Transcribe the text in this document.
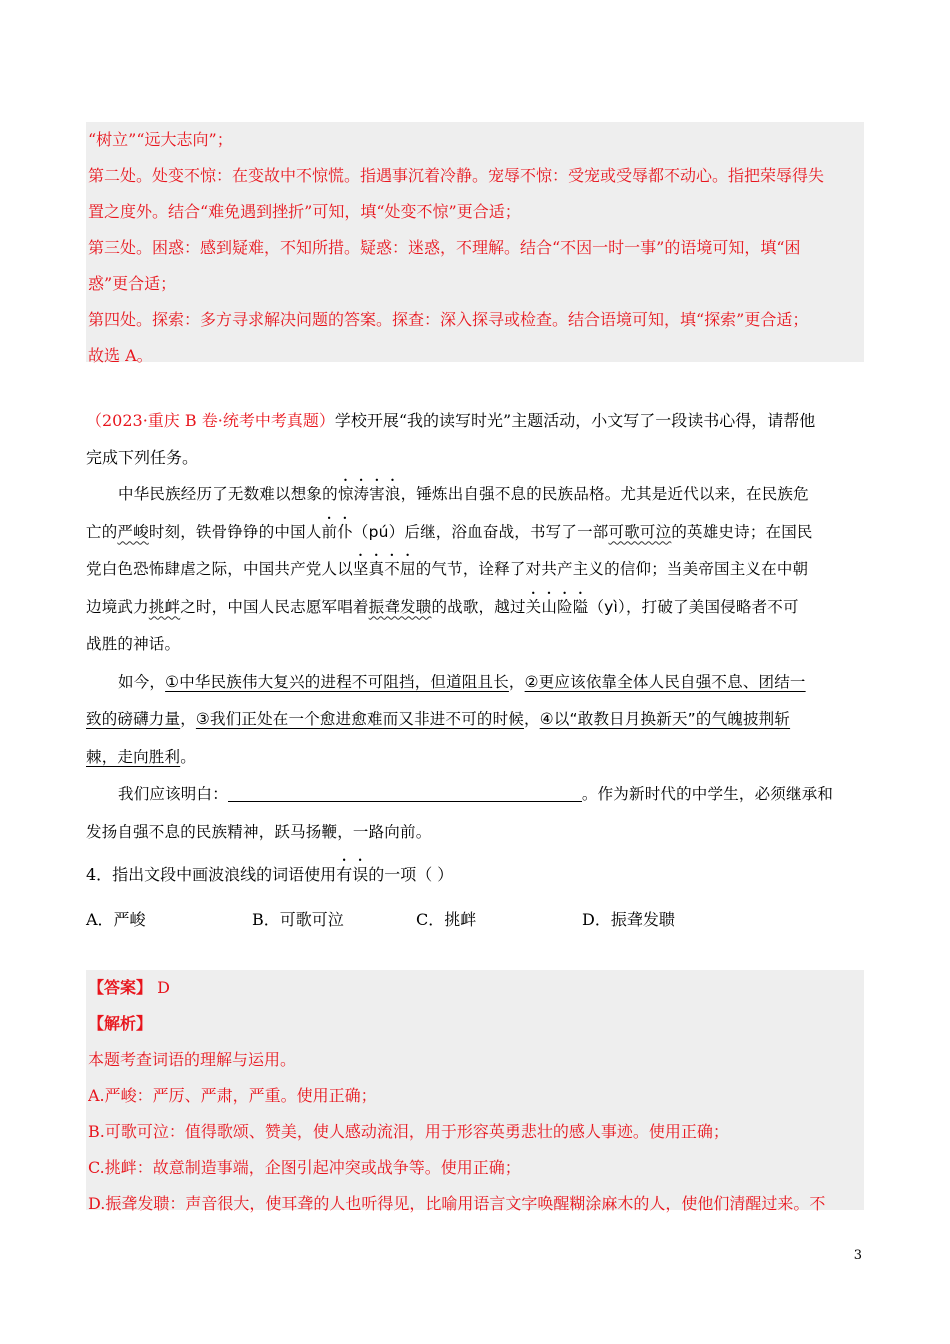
“树立”“远大志向”；

第二处。处变不惊：在变故中不惊慌。指遇事沉着冷静。宠辱不惊：受宠或受辱都不动心。指把荣辱得失

置之度外。结合“难免遇到挫折”可知，填“处变不惊”更合适；

第三处。困惑：感到疑难，不知所措。疑惑：迷惑，不理解。结合“不因一时一事”的语境可知，填“困

惑”更合适；

第四处。探索：多方寻求解决问题的答案。探查：深入探寻或检查。结合语境可知，填“探索”更合适；

故选 A。

（2023·重庆 B 卷·统考中考真题）学校开展“我的读写时光”主题活动，小文写了一段读书心得，请帮他

完成下列任务。

中华民族经历了无数难以想象的惊涛害浪，锤炼出自强不息的民族品格。尤其是近代以来，在民族危

亡的严峻时刻，铁骨铮铮的中国人前仆（pú）后继，浴血奋战，书写了一部可歌可泣的英雄史诗；在国民

党白色恐怖肆虐之际，中国共产党人以坚真不屈的气节，诠释了对共产主义的信仰；当美帝国主义在中朝

边境武力挑衅之时，中国人民志愿军唱着振聋发聩的战歌，越过关山险隘（yì），打破了美国侵略者不可

战胜的神话。

如今，①中华民族伟大复兴的进程不可阻挡，但道阻且长，②更应该依靠全体人民自强不息、团结一

致的磅礴力量，③我们正处在一个愈进愈难而又非进不可的时候，④以“敢教日月换新天”的气魄披荆斩

棘，走向胜利。

我们应该明白：	。作为新时代的中学生，必须继承和

发扬自强不息的民族精神，跃马扬鞭，一路向前。

4．指出文段中画波浪线的词语使用有误的一项（ ）
A．严峻	B．可歌可泣	C．挑衅	D．振聋发聩

【答案】 D

【解析】

本题考查词语的理解与运用。

A.严峻：严厉、严肃，严重。使用正确；

B.可歌可泣：值得歌颂、赞美，使人感动流泪，用于形容英勇悲壮的感人事迹。使用正确；

C.挑衅：故意制造事端，企图引起冲突或战争等。使用正确；

D.振聋发聩：声音很大，使耳聋的人也听得见，比喻用语言文字唤醒糊涂麻木的人，使他们清醒过来。不

3
